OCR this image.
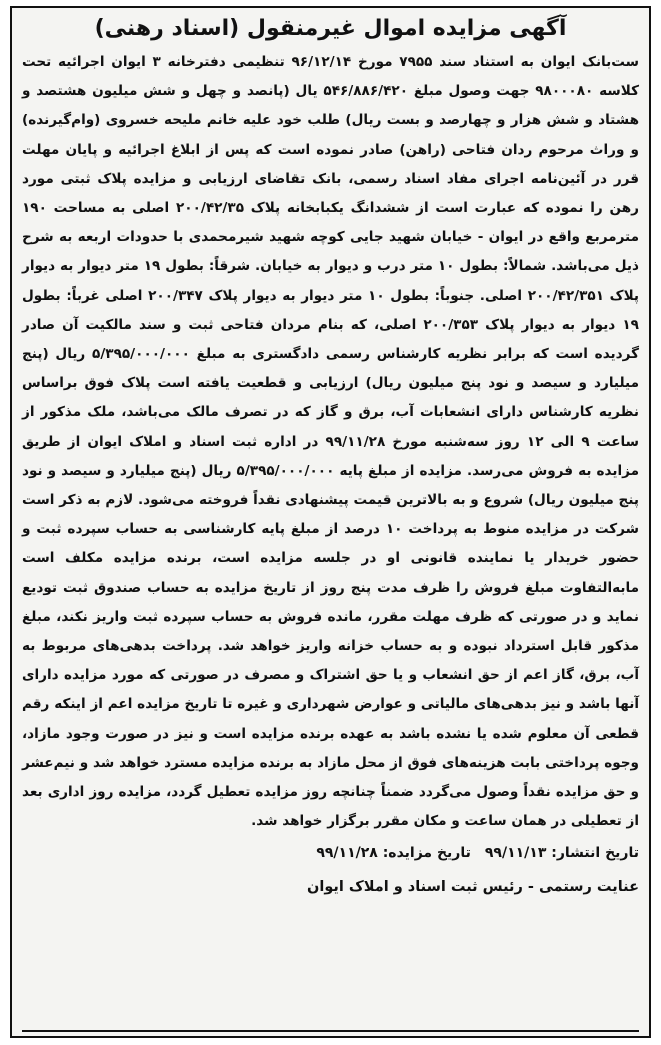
آگهی مزایده اموال غیرمنقول (اسناد رهنی)
ست‌بانک ایوان به استناد سند ۷۹۵۵ مورخ ۹۶/۱۲/۱۴ تنظیمی دفترخانه ۳ ایوان اجرائیه تحت کلاسه ۹۸۰۰۰۸۰ جهت وصول مبلغ ۵۴۶/۸۸۶/۴۲۰ یال (پانصد و چهل و شش میلیون هشتصد و هشتاد و شش هزار و چهارصد و بست ریال) طلب خود علیه خانم ملیحه خسروی (وام‌گیرنده) و وراث مرحوم ردان فتاحی (راهن) صادر نموده است که پس از ابلاغ اجرائیه و پایان مهلت قرر در آئین‌نامه اجرای مفاد اسناد رسمی، بانک تقاضای ارزیابی و مزایده پلاک ثبتی مورد رهن را نموده که عبارت است از ششدانگ یکبابخانه پلاک ۲۰۰/۴۲/۳۵ اصلی به مساحت ۱۹۰ مترمربع واقع در ایوان - خیابان شهید جایی کوچه شهید شیرمحمدی با حدودات اربعه به شرح ذیل می‌باشد. شمالاً: بطول ۱۰ متر درب و دیوار به خیابان. شرقاً: بطول ۱۹ متر دیوار به دیوار پلاک ۲۰۰/۴۲/۳۵۱ اصلی. جنوباً: بطول ۱۰ متر دیوار به دیوار پلاک ۲۰۰/۳۴۷ اصلی غرباً: بطول ۱۹ دیوار به دیوار پلاک ۲۰۰/۳۵۳ اصلی، که بنام مردان فتاحی ثبت و سند مالکیت آن صادر گردیده است که برابر نظریه کارشناس رسمی دادگستری به مبلغ ۵/۳۹۵/۰۰۰/۰۰۰ ریال (پنج میلیارد و سیصد و نود پنج میلیون ریال) ارزیابی و قطعیت یافته است پلاک فوق براساس نظریه کارشناس دارای انشعابات آب، برق و گاز که در تصرف مالک می‌باشد، ملک مذکور از ساعت ۹ الی ۱۲ روز سه‌شنبه مورخ ۹۹/۱۱/۲۸ در اداره ثبت اسناد و املاک ایوان از طریق مزایده به فروش می‌رسد. مزایده از مبلغ پایه ۵/۳۹۵/۰۰۰/۰۰۰ ریال (پنج میلیارد و سیصد و نود پنج میلیون ریال) شروع و به بالاترین قیمت پیشنهادی نقداً فروخته می‌شود. لازم به ذکر است شرکت در مزایده منوط به پرداخت ۱۰ درصد از مبلغ پایه کارشناسی به حساب سپرده ثبت و حضور خریدار یا نماینده قانونی او در جلسه مزایده است، برنده مزایده مکلف است مابه‌التفاوت مبلغ فروش را ظرف مدت پنج روز از تاریخ مزایده به حساب صندوق ثبت تودیع نماید و در صورتی که ظرف مهلت مقرر، مانده فروش به حساب سپرده ثبت واریز نکند، مبلغ مذکور قابل استرداد نبوده و به حساب خزانه واریز خواهد شد. پرداخت بدهی‌های مربوط به آب، برق، گاز اعم از حق انشعاب و یا حق اشتراک و مصرف در صورتی که مورد مزایده دارای آنها باشد و نیز بدهی‌های مالیاتی و عوارض شهرداری و غیره تا تاریخ مزایده اعم از اینکه رقم قطعی آن معلوم شده یا نشده باشد به عهده برنده مزایده است و نیز در صورت وجود مازاد، وجوه پرداختی بابت هزینه‌های فوق از محل مازاد به برنده مزایده مسترد خواهد شد و نیم‌عشر و حق مزایده نقداً وصول می‌گردد ضمناً چنانچه روز مزایده تعطیل گردد، مزایده روز اداری بعد از تعطیلی در همان ساعت و مکان مقرر برگزار خواهد شد.
تاریخ انتشار: ۹۹/۱۱/۱۳
تاریخ مزایده: ۹۹/۱۱/۲۸
عنایت رستمی - رئیس ثبت اسناد و املاک ایوان
